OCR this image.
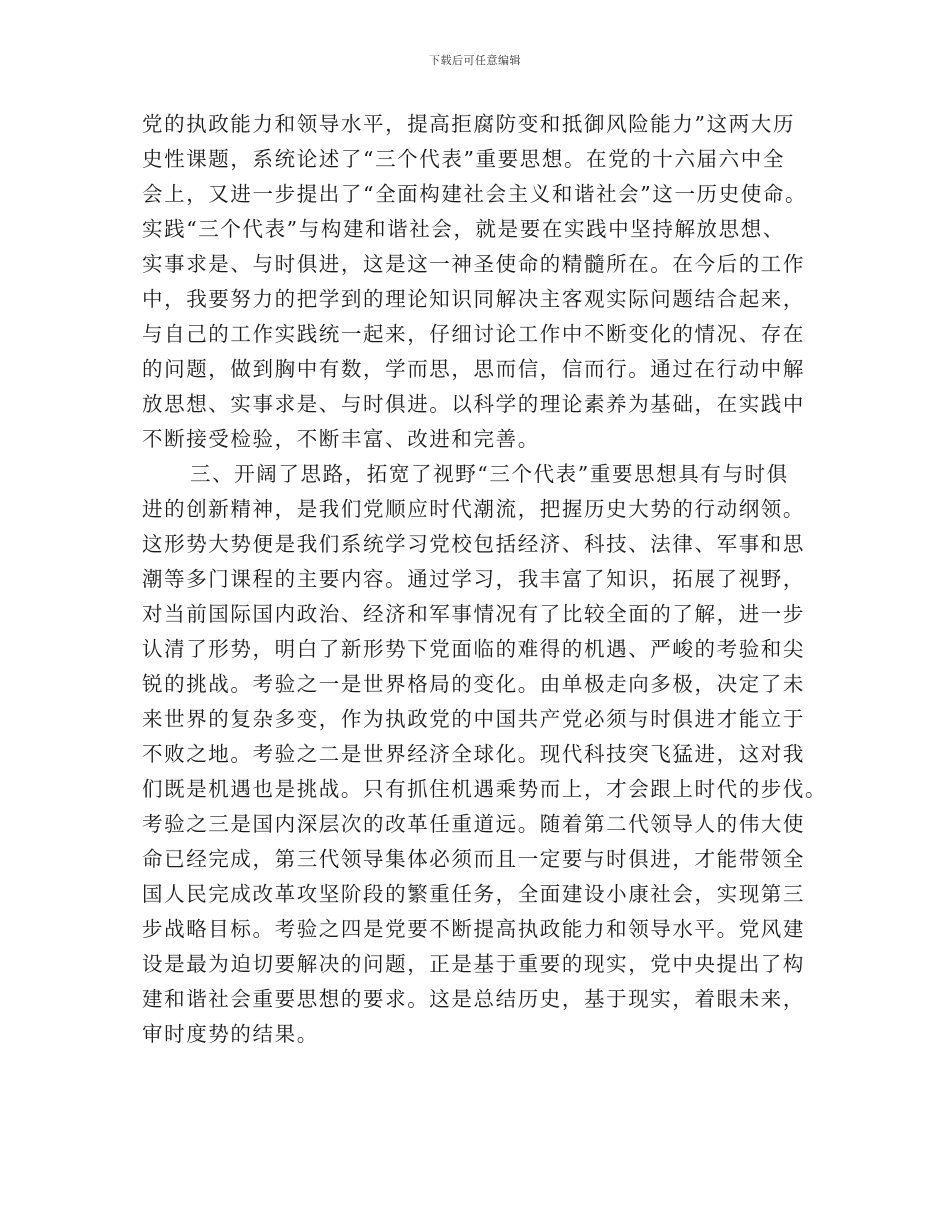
下载后可任意编辑
党的执政能力和领导水平，提高拒腐防变和抵御风险能力”这两大历
史性课题，系统论述了“三个代表”重要思想。在党的十六届六中全
会上，又进一步提出了“全面构建社会主义和谐社会”这一历史使命。
实践“三个代表”与构建和谐社会，就是要在实践中坚持解放思想、
实事求是、与时俱进，这是这一神圣使命的精髓所在。在今后的工作
中，我要努力的把学到的理论知识同解决主客观实际问题结合起来，
与自己的工作实践统一起来，仔细讨论工作中不断变化的情况、存在
的问题，做到胸中有数，学而思，思而信，信而行。通过在行动中解
放思想、实事求是、与时俱进。以科学的理论素养为基础，在实践中
不断接受检验，不断丰富、改进和完善。
三、开阔了思路，拓宽了视野“三个代表”重要思想具有与时俱
进的创新精神，是我们党顺应时代潮流，把握历史大势的行动纲领。
这形势大势便是我们系统学习党校包括经济、科技、法律、军事和思
潮等多门课程的主要内容。通过学习，我丰富了知识，拓展了视野，
对当前国际国内政治、经济和军事情况有了比较全面的了解，进一步
认清了形势，明白了新形势下党面临的难得的机遇、严峻的考验和尖
锐的挑战。考验之一是世界格局的变化。由单极走向多极，决定了未
来世界的复杂多变，作为执政党的中国共产党必须与时俱进才能立于
不败之地。考验之二是世界经济全球化。现代科技突飞猛进，这对我
们既是机遇也是挑战。只有抓住机遇乘势而上，才会跟上时代的步伐。
考验之三是国内深层次的改革任重道远。随着第二代领导人的伟大使
命已经完成，第三代领导集体必须而且一定要与时俱进，才能带领全
国人民完成改革攻坚阶段的繁重任务，全面建设小康社会，实现第三
步战略目标。考验之四是党要不断提高执政能力和领导水平。党风建
设是最为迫切要解决的问题，正是基于重要的现实，党中央提出了构
建和谐社会重要思想的要求。这是总结历史，基于现实，着眼未来，
审时度势的结果。
